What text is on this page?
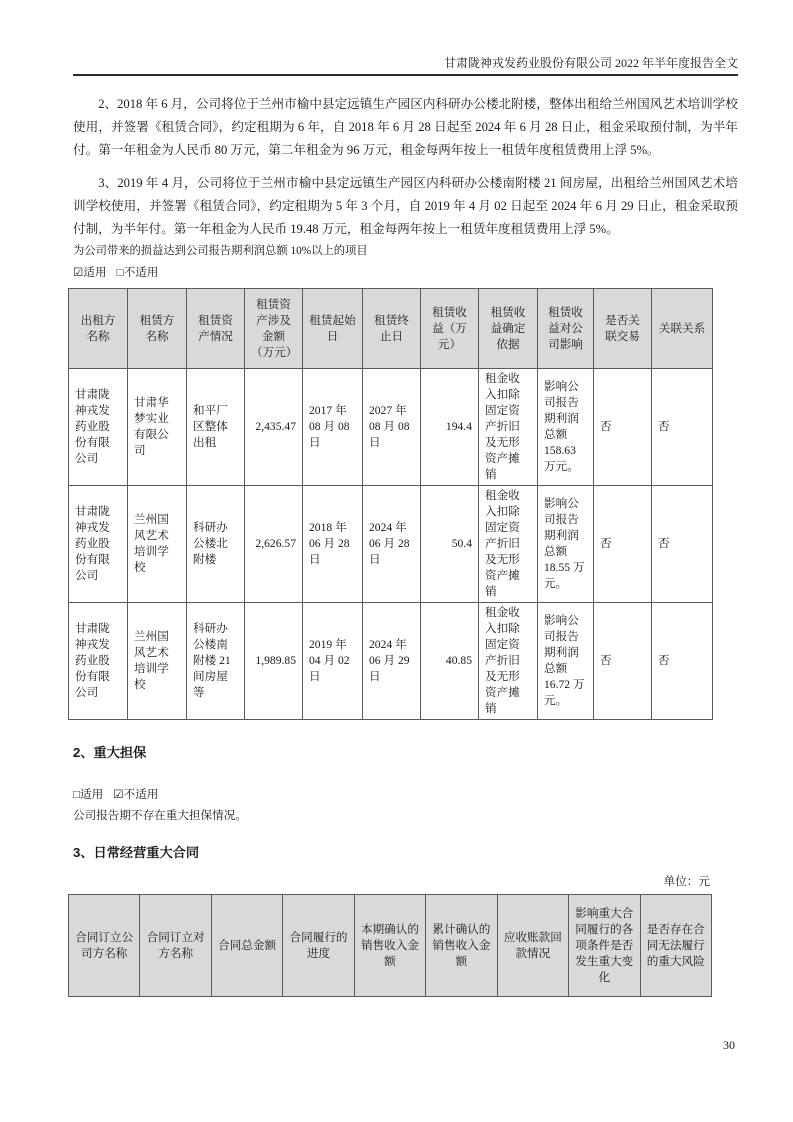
甘肃陇神戎发药业股份有限公司 2022 年半年度报告全文

2、2018 年 6 月，公司将位于兰州市榆中县定远镇生产园区内科研办公楼北附楼，整体出租给兰州国风艺术培训学校使用，并签署《租赁合同》，约定租期为 6 年，自 2018 年 6 月 28 日起至 2024 年 6 月 28 日止，租金采取预付制，为半年付。第一年租金为人民币 80 万元，第二年租金为 96 万元，租金每两年按上一租赁年度租赁费用上浮 5%。

3、2019 年 4 月，公司将位于兰州市榆中县定远镇生产园区内科研办公楼南附楼 21 间房屋，出租给兰州国风艺术培训学校使用，并签署《租赁合同》，约定租期为 5 年 3 个月，自 2019 年 4 月 02 日起至 2024 年 6 月 29 日止，租金采取预付制，为半年付。第一年租金为人民币 19.48 万元，租金每两年按上一租赁年度租赁费用上浮 5%。

为公司带来的损益达到公司报告期利润总额 10%以上的项目
☑适用 □不适用
出租方名称	租赁方名称	租赁资产情况	租赁资产涉及金额（万元）	租赁起始日	租赁终止日	租赁收益（万元）	租赁收益确定依据	租赁收益对公司影响	是否关联交易	关联关系
甘肃陇神戎发药业股份有限公司	甘肃华梦实业有限公司	和平厂区整体出租	2,435.47	2017 年 08 月 08 日	2027 年 08 月 08 日	194.4	租金收入扣除固定资产折旧及无形资产摊销	影响公司报告期利润总额 158.63 万元。	否	否
甘肃陇神戎发药业股份有限公司	兰州国风艺术培训学校	科研办公楼北附楼	2,626.57	2018 年 06 月 28 日	2024 年 06 月 28 日	50.4	租金收入扣除固定资产折旧及无形资产摊销	影响公司报告期利润总额 18.55 万元。	否	否
甘肃陇神戎发药业股份有限公司	兰州国风艺术培训学校	科研办公楼南附楼 21 间房屋等	1,989.85	2019 年 04 月 02 日	2024 年 06 月 29 日	40.85	租金收入扣除固定资产折旧及无形资产摊销	影响公司报告期利润总额 16.72 万元。	否	否
2、重大担保
□适用 ☑不适用
公司报告期不存在重大担保情况。
3、日常经营重大合同
单位：元
合同订立公司方名称	合同订立对方名称	合同总金额	合同履行的进度	本期确认的销售收入金额	累计确认的销售收入金额	应收账款回款情况	影响重大合同履行的各项条件是否发生重大变化	是否存在合同无法履行的重大风险
30
